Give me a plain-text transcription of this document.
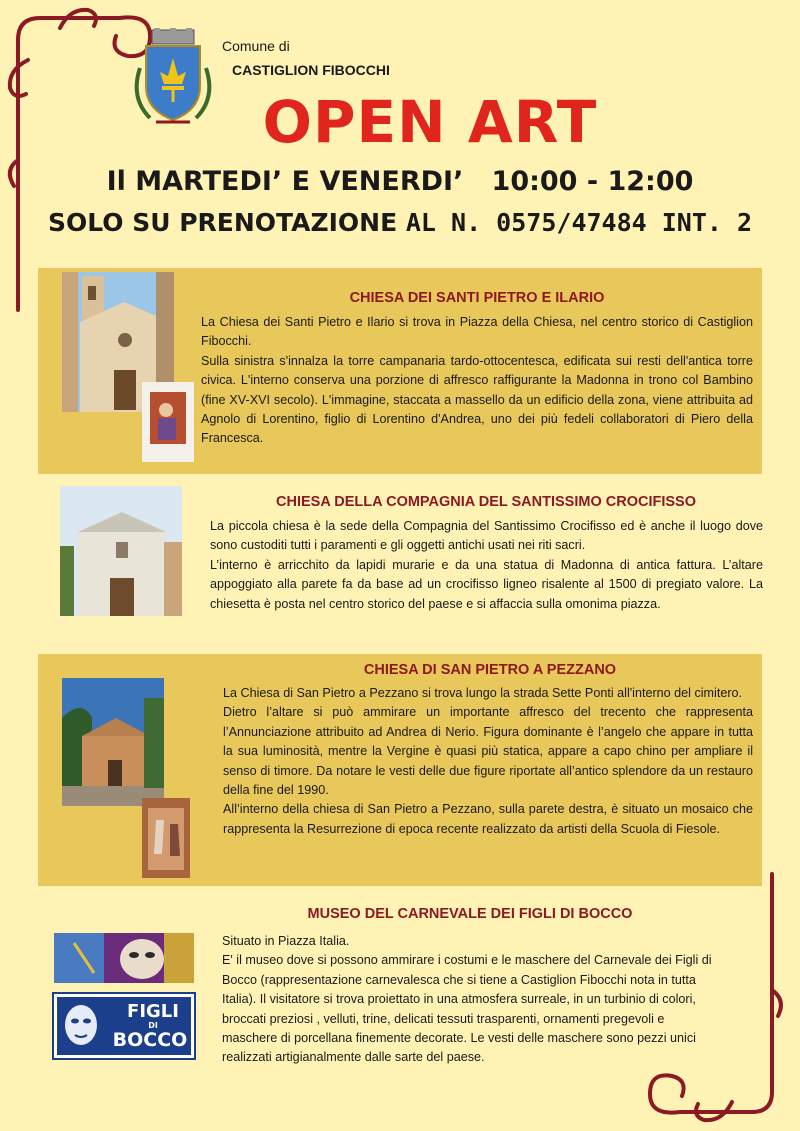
Comune di
CASTIGLION FIBOCCHI
OPEN ART
Il MARTEDI’ E VENERDI’   10:00 - 12:00
SOLO SU PRENOTAZIONE AL N. 0575/47484 INT. 2
CHIESA DEI SANTI PIETRO E ILARIO

La Chiesa dei Santi Pietro e Ilario si trova in Piazza della Chiesa, nel centro storico di Castiglion Fibocchi.

Sulla sinistra s'innalza la torre campanaria tardo-ottocentesca, edificata sui resti dell'antica torre civica. L'interno conserva una porzione di affresco raffigurante la Madonna in trono col Bambino (fine XV-XVI secolo). L'immagine, staccata a massello da un edificio della zona, viene attribuita ad Agnolo di Lorentino, figlio di Lorentino d'Andrea, uno dei più fedeli collaboratori di Piero della Francesca.

CHIESA DELLA COMPAGNIA DEL SANTISSIMO CROCIFISSO

La piccola chiesa è la sede della Compagnia del Santissimo Crocifisso ed è anche il luogo dove sono custoditi tutti i paramenti e gli oggetti antichi usati nei riti sacri.

L’interno è arricchito da lapidi murarie e da una statua di Madonna di antica fattura. L’altare appoggiato alla parete fa da base ad un crocifisso ligneo risalente al 1500 di pregiato valore. La chiesetta è posta nel centro storico del paese e si affaccia sulla omonima piazza.

CHIESA DI SAN PIETRO A PEZZANO

La Chiesa di San Pietro a Pezzano si trova lungo la strada Sette Ponti all'interno del cimitero.

Dietro l’altare si può ammirare un importante affresco del trecento che rappresenta l’Annunciazione attribuito ad Andrea di Nerio. Figura dominante è l’angelo che appare in tutta la sua luminosità, mentre la Vergine è quasi più statica, appare a capo chino per ampliare il senso di timore. Da notare le vesti delle due figure riportate all’antico splendore da un restauro della fine del 1990.

All’interno della chiesa di San Pietro a Pezzano, sulla parete destra, è situato un mosaico che rappresenta la Resurrezione di epoca recente realizzato da artisti della Scuola di Fiesole.

FIGLI
DI
BOCCO
MUSEO DEL CARNEVALE DEI FIGLI DI BOCCO

Situato in Piazza Italia.

E' il museo dove si possono ammirare i costumi e le maschere del Carnevale dei Figli di Bocco (rappresentazione carnevalesca che si tiene a Castiglion Fibocchi nota in tutta Italia). Il visitatore si trova proiettato in una atmosfera surreale, in un turbinio di colori, broccati preziosi , velluti, trine, delicati tessuti trasparenti, ornamenti pregevoli e maschere di porcellana finemente decorate. Le vesti delle maschere sono pezzi unici realizzati artigianalmente dalle sarte del paese.
